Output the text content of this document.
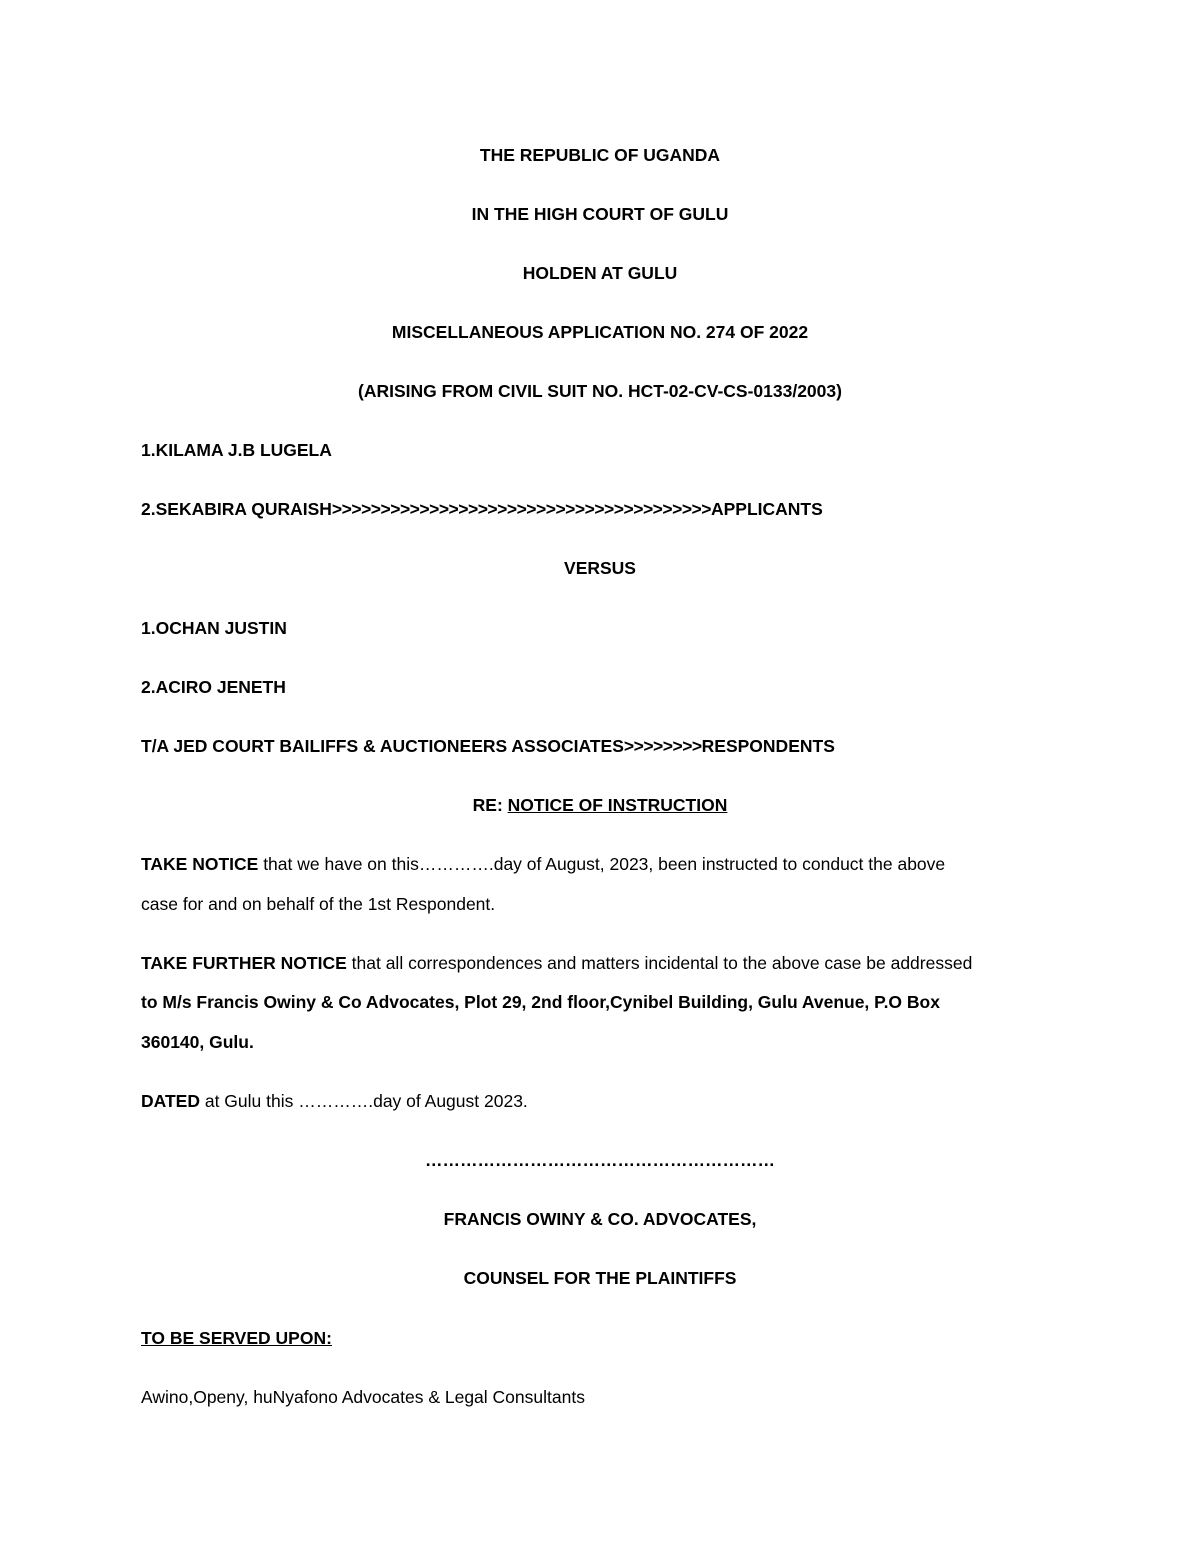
THE REPUBLIC OF UGANDA
IN THE HIGH COURT OF GULU
HOLDEN AT GULU
MISCELLANEOUS APPLICATION NO. 274 OF 2022
(ARISING FROM CIVIL SUIT NO. HCT-02-CV-CS-0133/2003)
1.KILAMA J.B LUGELA
2.SEKABIRA QURAISH>>>>>>>>>>>>>>>>>>>>>>>>>>>>>>>>>>>>>>>APPLICANTS
VERSUS
1.OCHAN JUSTIN
2.ACIRO JENETH
T/A JED COURT BAILIFFS & AUCTIONEERS ASSOCIATES>>>>>>>>RESPONDENTS
RE: NOTICE OF INSTRUCTION
TAKE NOTICE that we have on this………….day of August, 2023, been instructed to conduct the above
case for and on behalf of the 1st Respondent.
TAKE FURTHER NOTICE that all correspondences and matters incidental to the above case be addressed
to M/s Francis Owiny & Co Advocates, Plot 29, 2nd floor,Cynibel Building, Gulu Avenue, P.O Box
360140, Gulu.
DATED at Gulu this ………….day of August 2023.
……………………………………………………
FRANCIS OWINY & CO. ADVOCATES,
COUNSEL FOR THE PLAINTIFFS
TO BE SERVED UPON:
Awino,Openy, huNyafono Advocates & Legal Consultants
